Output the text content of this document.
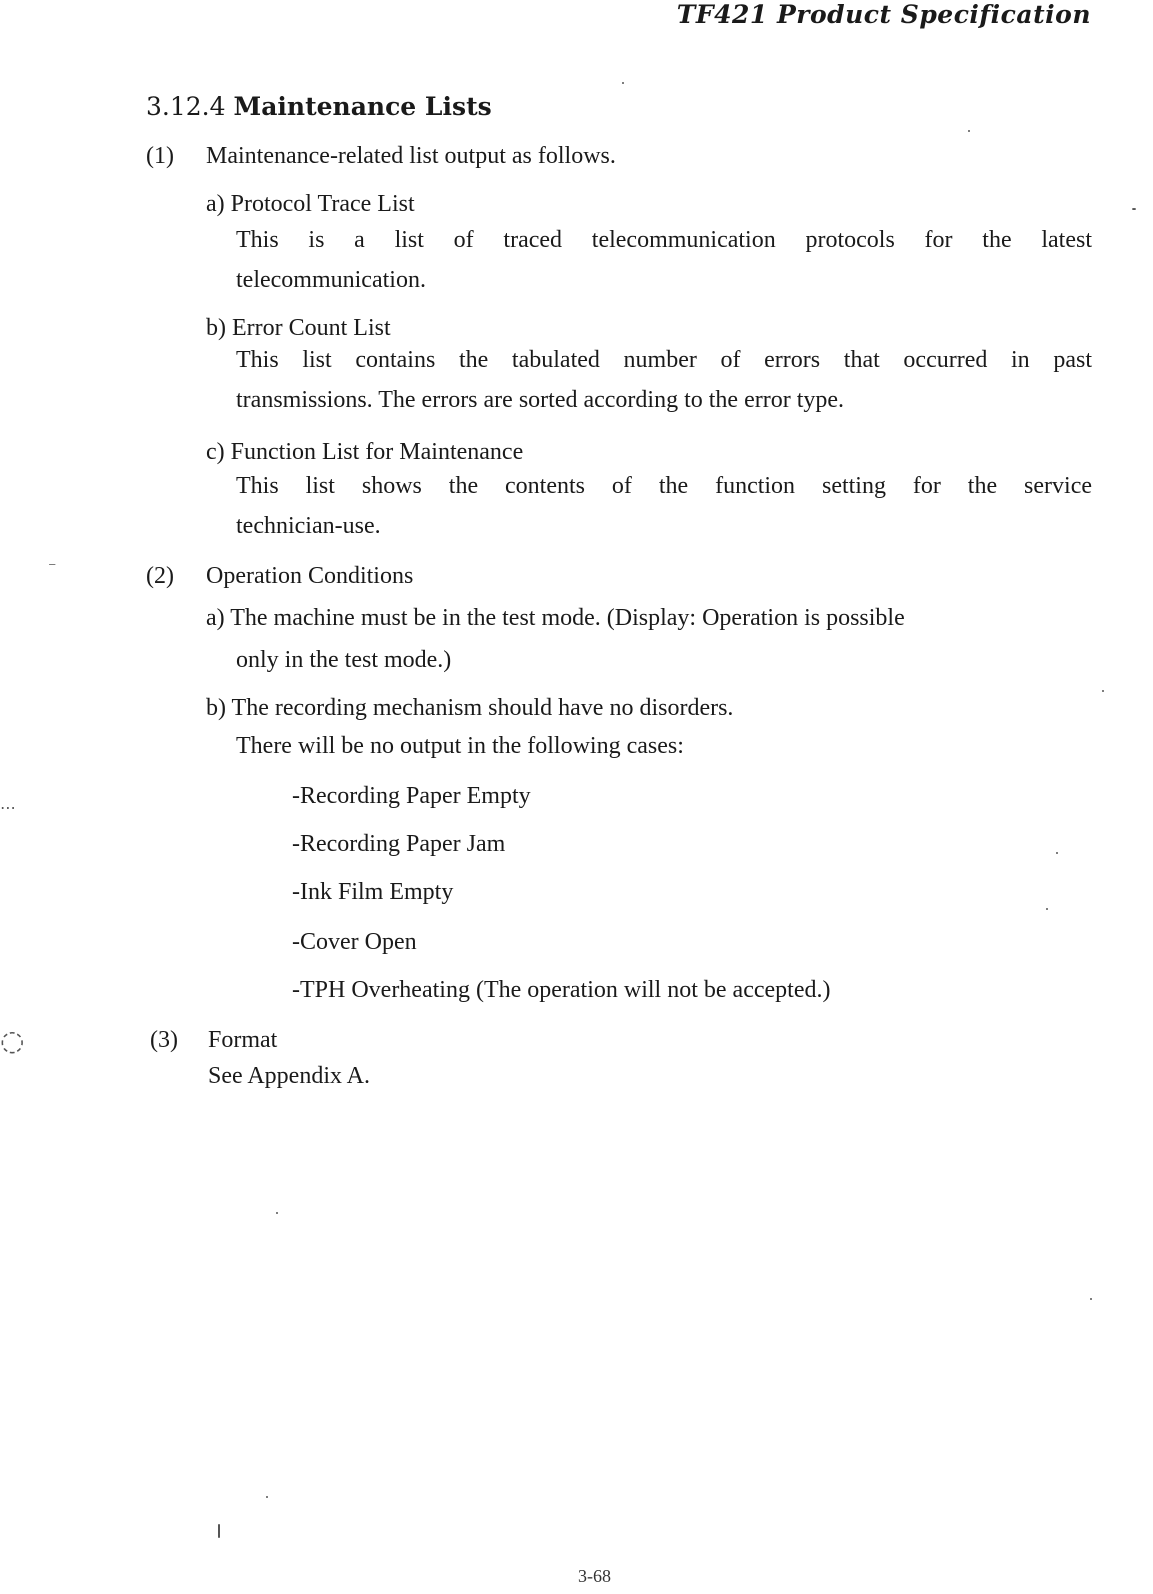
TF421 Product Specification
3.12.4 Maintenance Lists
(1) Maintenance-related list output as follows.
a) Protocol Trace List
This is a list of traced telecommunication protocols for the latest
telecommunication.
b) Error Count List
This list contains the tabulated number of errors that occurred in past
transmissions. The errors are sorted according to the error type.
c) Function List for Maintenance
This list shows the contents of the function setting for the service
technician-use.
(2) Operation Conditions
a) The machine must be in the test mode. (Display: Operation is possible
only in the test mode.)
b) The recording mechanism should have no disorders.
There will be no output in the following cases:
-Recording Paper Empty
-Recording Paper Jam
-Ink Film Empty
-Cover Open
-TPH Overheating (The operation will not be accepted.)
(3) Format
See Appendix A.
⁻
⋯
◌
3-68
